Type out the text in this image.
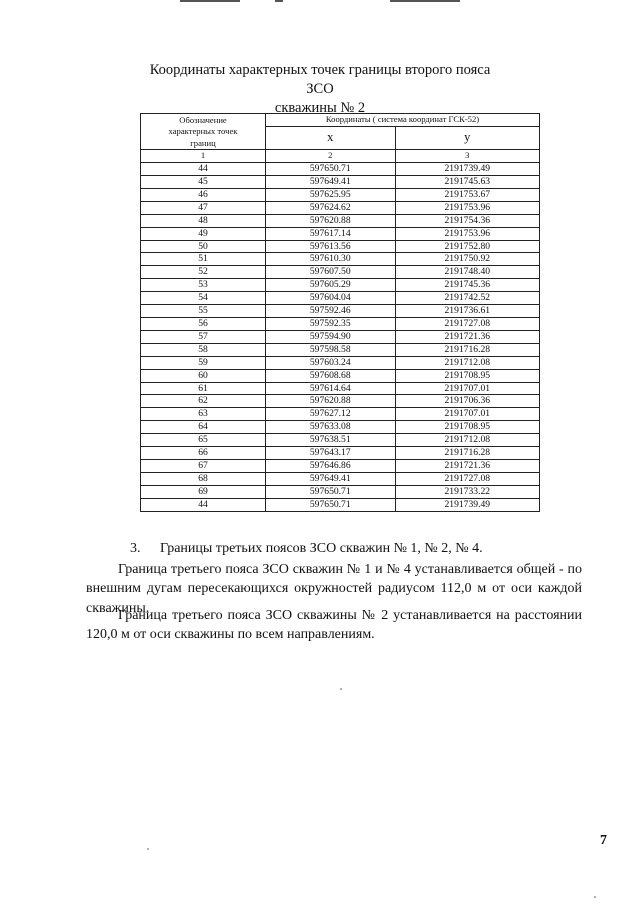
Координаты характерных точек границы второго пояса ЗСО
скважины № 2
Обозначение
характерных точек
границ	Координаты ( система координат ГСК-52)	
	x	y
1	2	3
44	597650.71	2191739.49
45	597649.41	2191745.63
46	597625.95	2191753.67
47	597624.62	2191753.96
48	597620.88	2191754.36
49	597617.14	2191753.96
50	597613.56	2191752.80
51	597610.30	2191750.92
52	597607.50	2191748.40
53	597605.29	2191745.36
54	597604.04	2191742.52
55	597592.46	2191736.61
56	597592.35	2191727.08
57	597594.90	2191721.36
58	597598.58	2191716.28
59	597603.24	2191712.08
60	597608.68	2191708.95
61	597614.64	2191707.01
62	597620.88	2191706.36
63	597627.12	2191707.01
64	597633.08	2191708.95
65	597638.51	2191712.08
66	597643.17	2191716.28
67	597646.86	2191721.36
68	597649.41	2191727.08
69	597650.71	2191733.22
44	597650.71	2191739.49
3. Границы третьих поясов ЗСО скважин № 1, № 2, № 4.
Граница третьего пояса ЗСО скважин № 1 и № 4 устанавливается общей - по внешним дугам пересекающихся окружностей радиусом 112,0 м от оси каждой скважины.
Граница третьего пояса ЗСО скважины № 2 устанавливается на расстоянии 120,0 м от оси скважины по всем направлениям.
7
